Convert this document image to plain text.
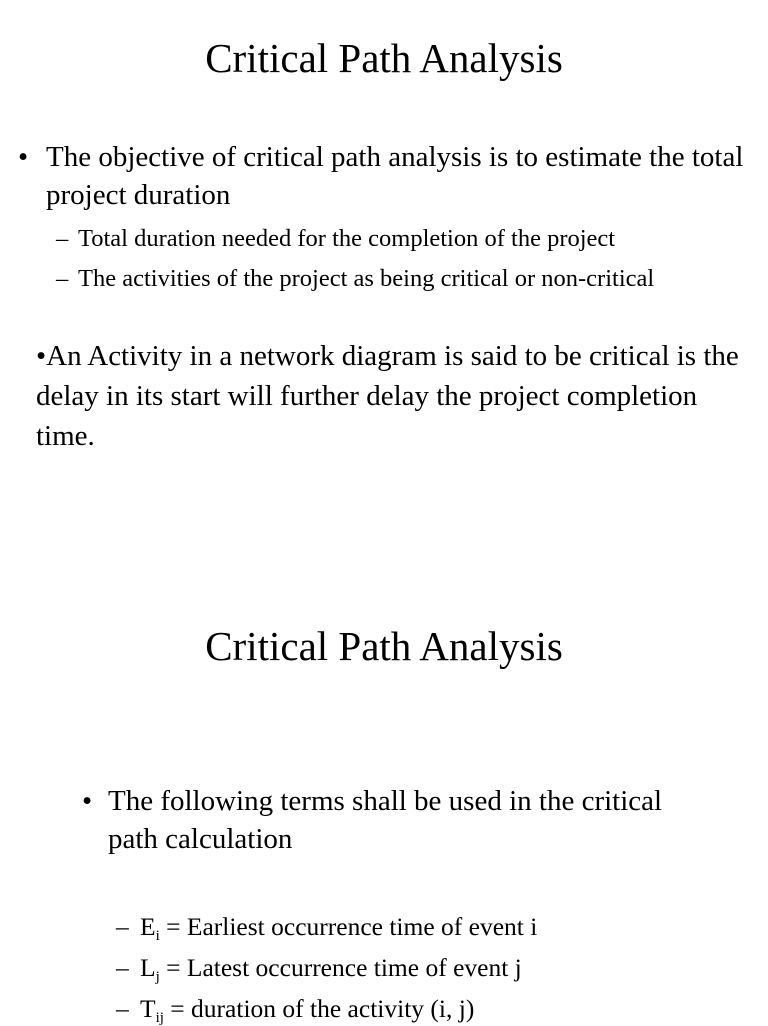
Critical Path Analysis
• The objective of critical path analysis is to estimate the total project duration
– Total duration needed for the completion of the project
– The activities of the project as being critical or non-critical
•An Activity in a network diagram is said to be critical is the delay in its start will further delay the project completion time.
Critical Path Analysis
• The following terms shall be used in the critical path calculation
– $E_i$ = Earliest occurrence time of event i
– $L_j$ = Latest occurrence time of event j
– $T_{ij}$ = duration of the activity (i, j)
